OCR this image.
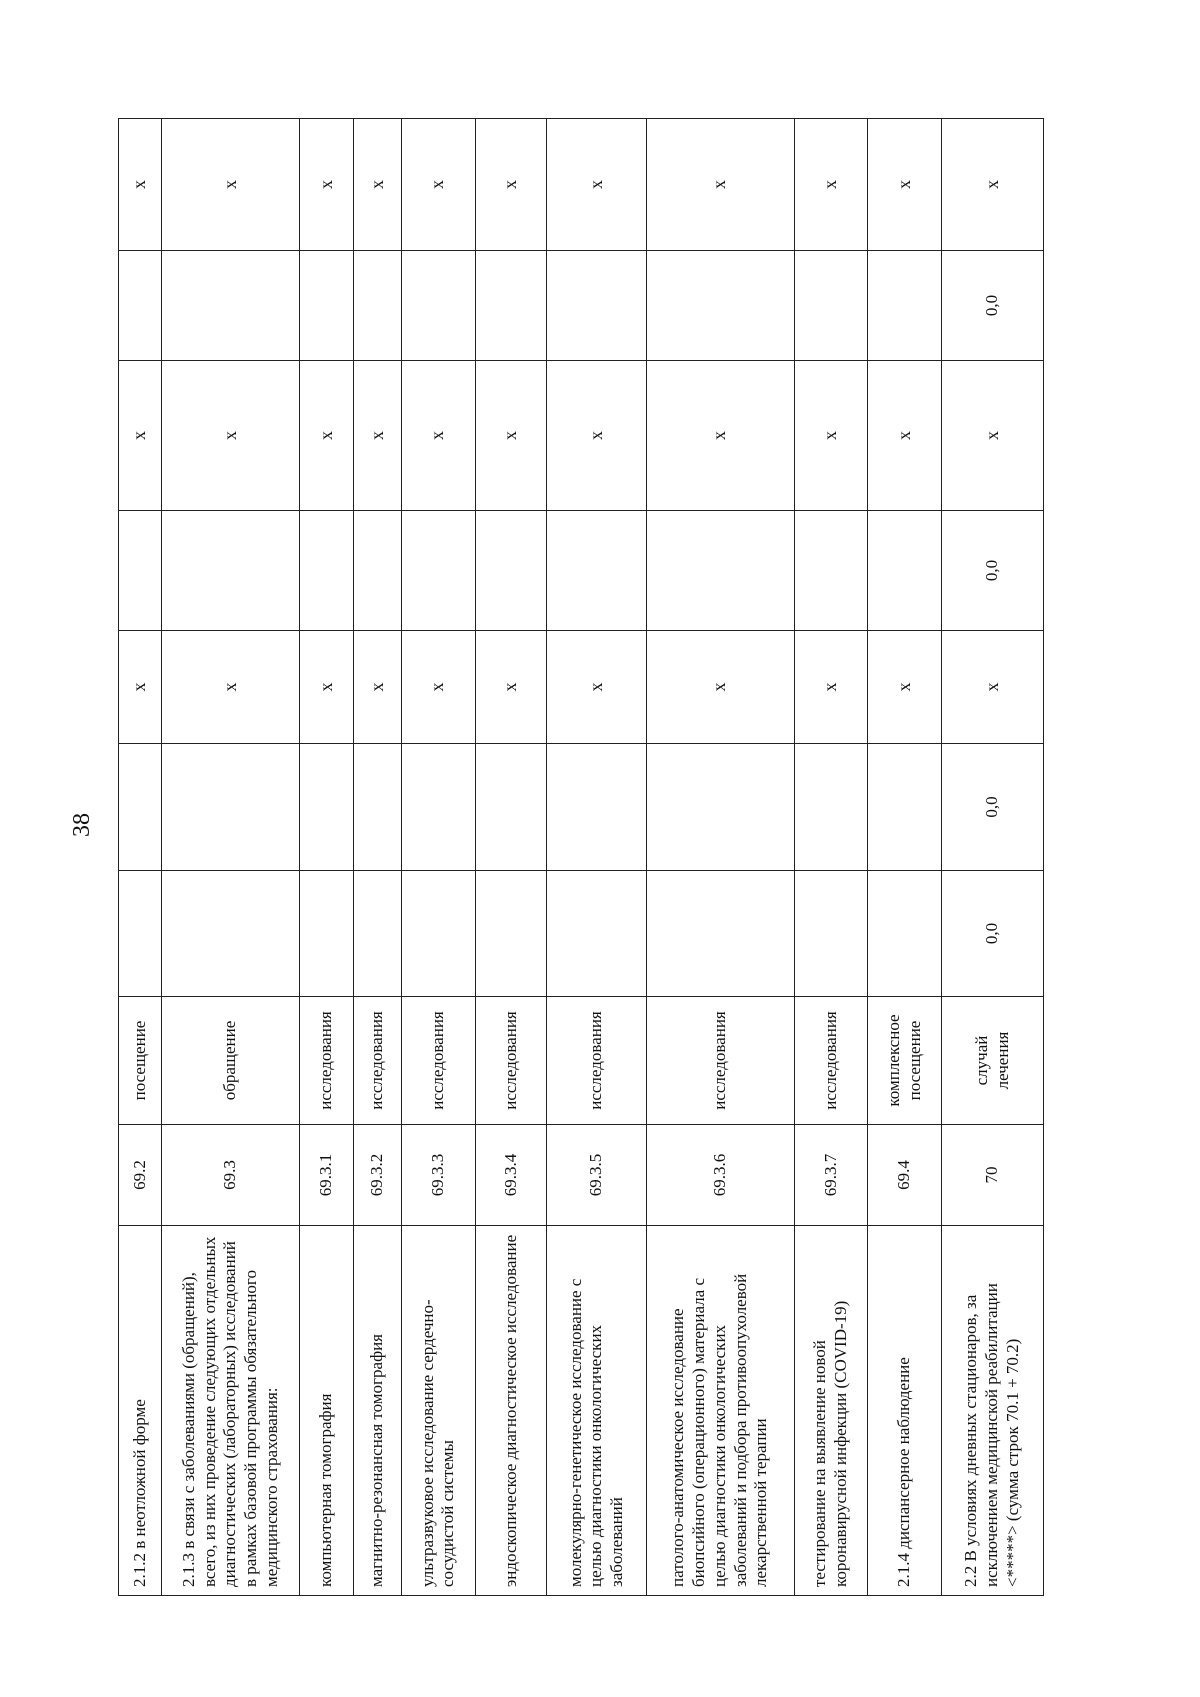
38
2.1.2 в неотложной форме	69.2	посещение			х		х		х
2.1.3 в связи с заболеваниями (обращений), всего, из них проведение следующих отдельных диагностических (лабораторных) исследований в рамках базовой программы обязательного медицинского страхования:	69.3	обращение			х		х		х
компьютерная томография	69.3.1	исследования			х		х		х
магнитно-резонансная томография	69.3.2	исследования			х		х		х
ультразвуковое исследование сердечно-сосудистой системы	69.3.3	исследования			х		х		х
эндоскопическое диагностическое исследование	69.3.4	исследования			х		х		х
молекулярно-генетическое исследование с целью диагностики онкологических заболеваний	69.3.5	исследования			х		х		х
патолого-анатомическое исследование биопсийного (операционного) материала с целью диагностики онкологических заболеваний и подбора противоопухолевой лекарственной терапии	69.3.6	исследования			х		х		х
тестирование на выявление новой коронавирусной инфекции (COVID-19)	69.3.7	исследования			х		х		х
2.1.4 диспансерное наблюдение	69.4	комплексное посещение			х		х		х
2.2 В условиях дневных стационаров, за исключением медицинской реабилитации <*****> (сумма строк 70.1 + 70.2)	70	случай лечения	0,0	0,0	х	0,0	х	0,0	х
